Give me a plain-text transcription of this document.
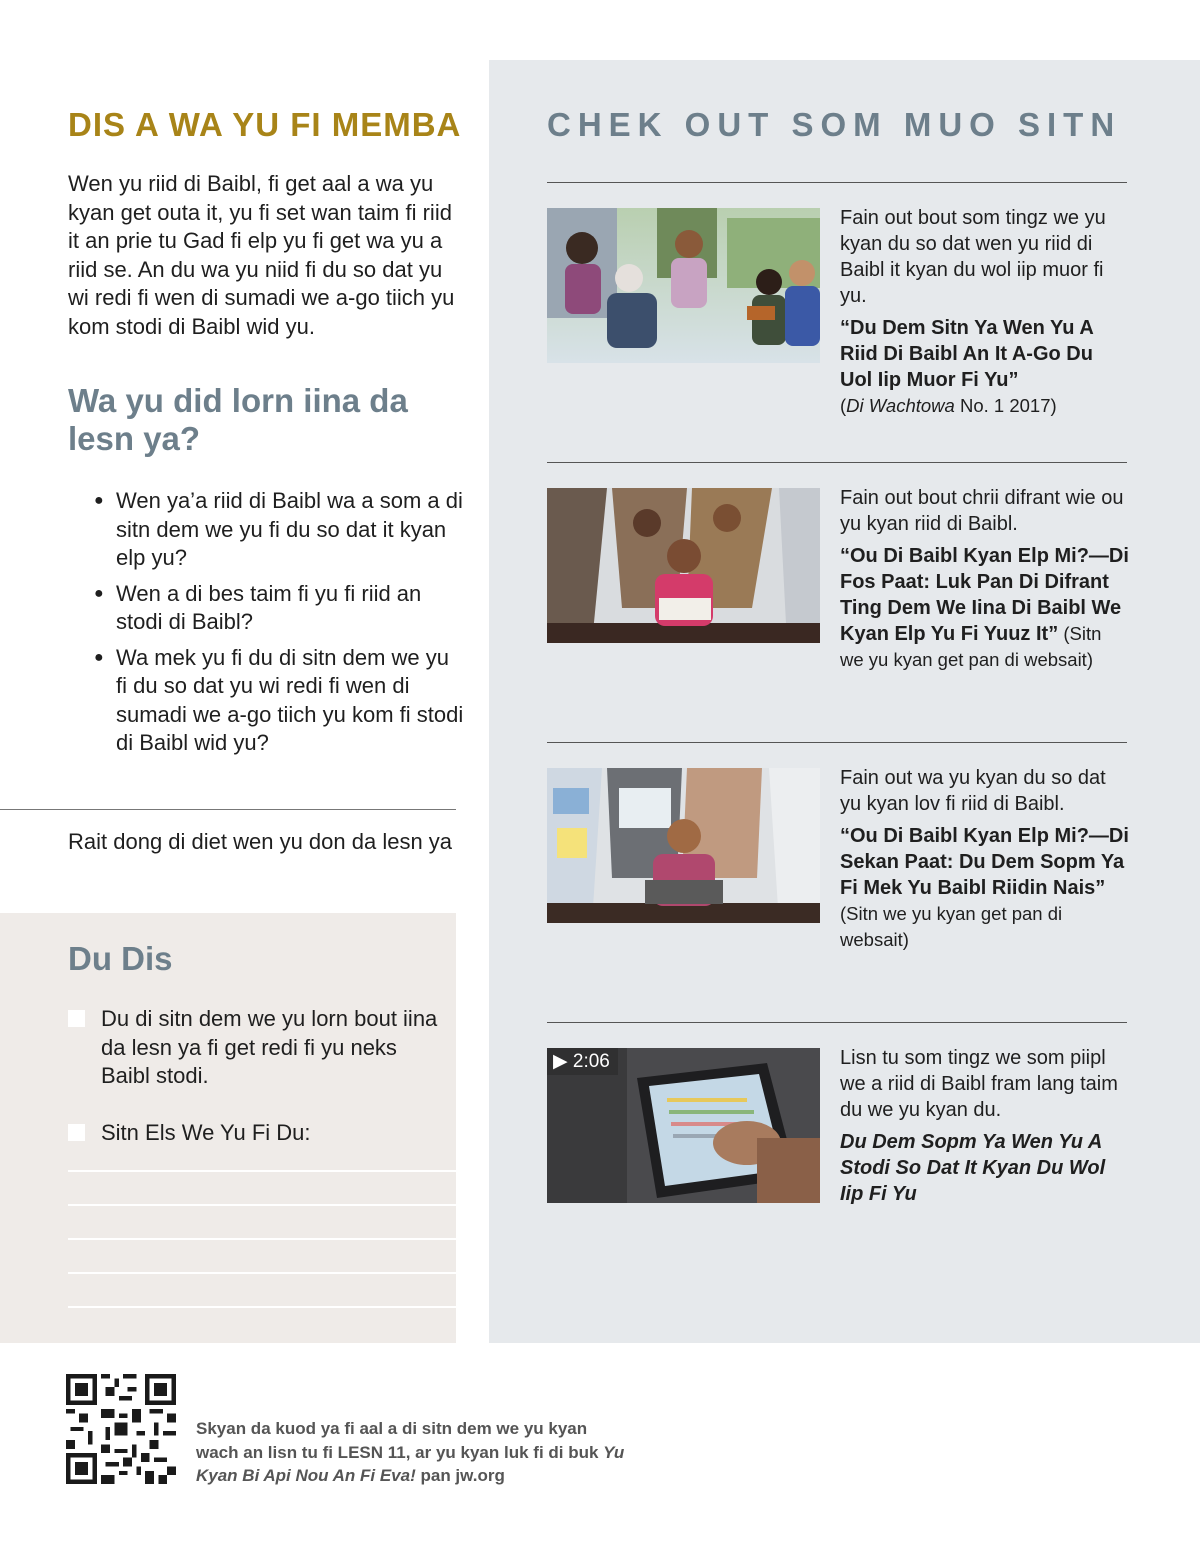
DIS A WA YU FI MEMBA

Wen yu riid di Baibl, fi get aal a wa yu kyan get outa it, yu fi set wan taim fi riid it an prie tu Gad fi elp yu fi get wa yu a riid se. An du wa yu niid fi du so dat yu wi redi fi wen di sumadi we a-go tiich yu kom stodi di Baibl wid yu.

Wa yu did lorn iina da lesn ya?
● Wen ya’a riid di Baibl wa a som a di sitn dem we yu fi du so dat it kyan elp yu?
● Wen a di bes taim fi yu fi riid an stodi di Baibl?
● Wa mek yu fi du di sitn dem we yu fi du so dat yu wi redi fi wen di sumadi we a-go tiich yu kom fi stodi di Baibl wid yu?
Rait dong di diet wen yu don da lesn ya
Du Dis
Du di sitn dem we yu lorn bout iina da lesn ya fi get redi fi yu neks Baibl stodi.
Sitn Els We Yu Fi Du:
CHEK OUT SOM MUO SITN
Fain out bout som tingz we yu kyan du so dat wen yu riid di Baibl it kyan du wol iip muor fi yu.
“Du Dem Sitn Ya Wen Yu A Riid Di Baibl An It A-Go Du Uol Iip Muor Fi Yu”
(Di Wachtowa No. 1 2017)
Fain out bout chrii difrant wie ou yu kyan riid di Baibl.
“Ou Di Baibl Kyan Elp Mi?—Di Fos Paat: Luk Pan Di Difrant Ting Dem We Iina Di Baibl We Kyan Elp Yu Fi Yuuz It” (Sitn we yu kyan get pan di websait)
Fain out wa yu kyan du so dat yu kyan lov fi riid di Baibl.
“Ou Di Baibl Kyan Elp Mi?—Di Sekan Paat: Du Dem Sopm Ya Fi Mek Yu Baibl Riidin Nais” (Sitn we yu kyan get pan di websait)
▶ 2:06	Lisn tu som tingz we som piipl we a riid di Baibl fram lang taim du we yu kyan du.
Du Dem Sopm Ya Wen Yu A Stodi So Dat It Kyan Du Wol Iip Fi Yu

Skyan da kuod ya fi aal a di sitn dem we yu kyan wach an lisn tu fi LESN 11, ar yu kyan luk fi di buk Yu Kyan Bi Api Nou An Fi Eva! pan jw.org
